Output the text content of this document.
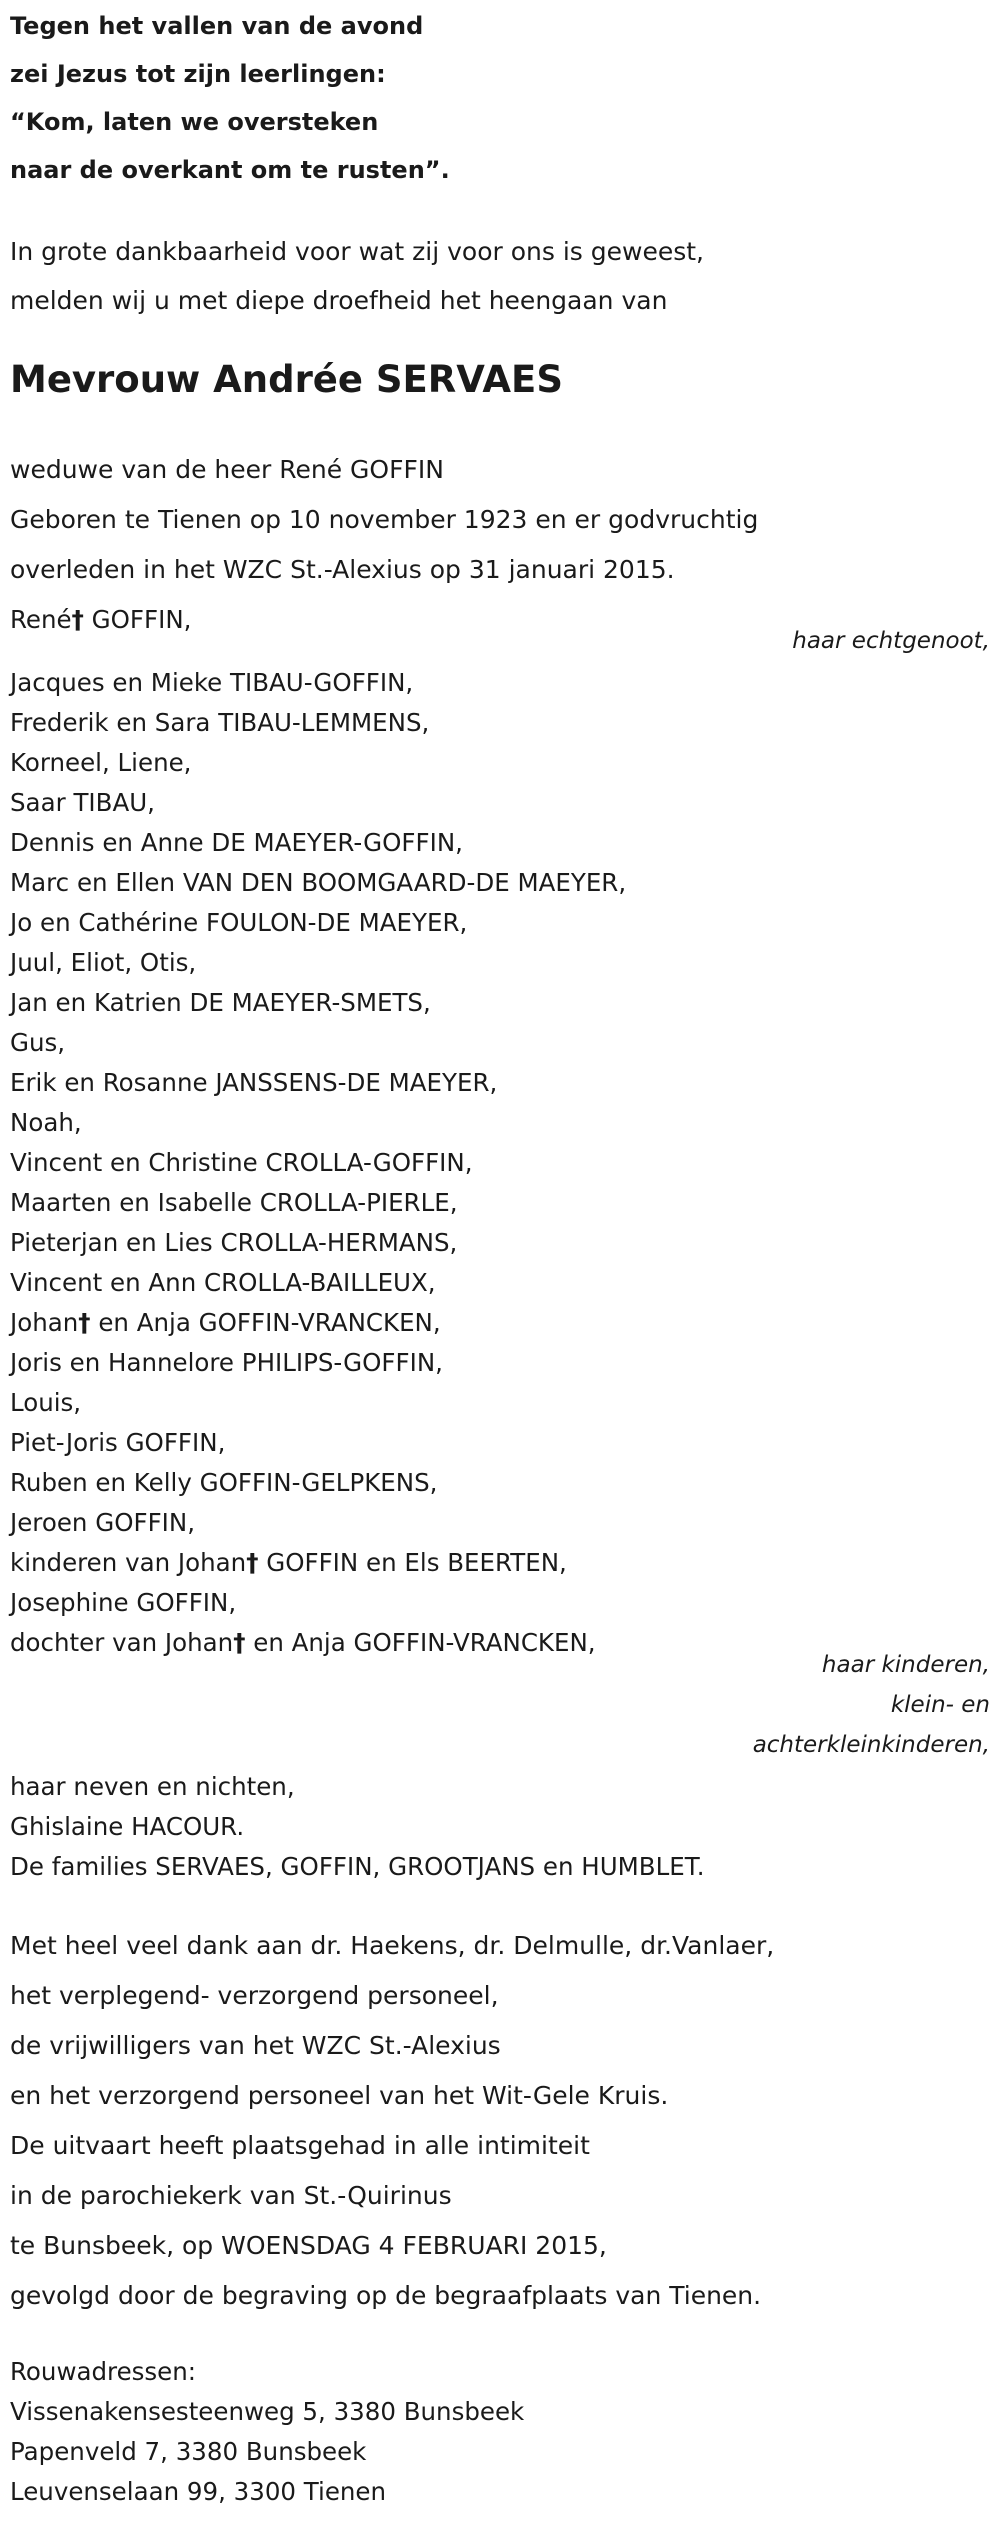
Tegen het vallen van de avond
zei Jezus tot zijn leerlingen:
“Kom, laten we oversteken
naar de overkant om te rusten”.
In grote dankbaarheid voor wat zij voor ons is geweest,
melden wij u met diepe droefheid het heengaan van
Mevrouw Andrée SERVAES
weduwe van de heer René GOFFIN
Geboren te Tienen op 10 november 1923 en er godvruchtig
overleden in het WZC St.-Alexius op 31 januari 2015.
René† GOFFIN,
haar echtgenoot,
Jacques en Mieke TIBAU-GOFFIN,
Frederik en Sara TIBAU-LEMMENS,
Korneel, Liene,
Saar TIBAU,
Dennis en Anne DE MAEYER-GOFFIN,
Marc en Ellen VAN DEN BOOMGAARD-DE MAEYER,
Jo en Cathérine FOULON-DE MAEYER,
Juul, Eliot, Otis,
Jan en Katrien DE MAEYER-SMETS,
Gus,
Erik en Rosanne JANSSENS-DE MAEYER,
Noah,
Vincent en Christine CROLLA-GOFFIN,
Maarten en Isabelle CROLLA-PIERLE,
Pieterjan en Lies CROLLA-HERMANS,
Vincent en Ann CROLLA-BAILLEUX,
Johan† en Anja GOFFIN-VRANCKEN,
Joris en Hannelore PHILIPS-GOFFIN,
Louis,
Piet-Joris GOFFIN,
Ruben en Kelly GOFFIN-GELPKENS,
Jeroen GOFFIN,
kinderen van Johan† GOFFIN en Els BEERTEN,
Josephine GOFFIN,
dochter van Johan† en Anja GOFFIN-VRANCKEN,
haar kinderen,
klein- en
achterkleinkinderen,
haar neven en nichten,
Ghislaine HACOUR.
De families SERVAES, GOFFIN, GROOTJANS en HUMBLET.
Met heel veel dank aan dr. Haekens, dr. Delmulle, dr.Vanlaer,
het verplegend- verzorgend personeel,
de vrijwilligers van het WZC St.-Alexius
en het verzorgend personeel van het Wit-Gele Kruis.
De uitvaart heeft plaatsgehad in alle intimiteit
in de parochiekerk van St.-Quirinus
te Bunsbeek, op WOENSDAG 4 FEBRUARI 2015,
gevolgd door de begraving op de begraafplaats van Tienen.
Rouwadressen:
Vissenakensesteenweg 5, 3380 Bunsbeek
Papenveld 7, 3380 Bunsbeek
Leuvenselaan 99, 3300 Tienen
